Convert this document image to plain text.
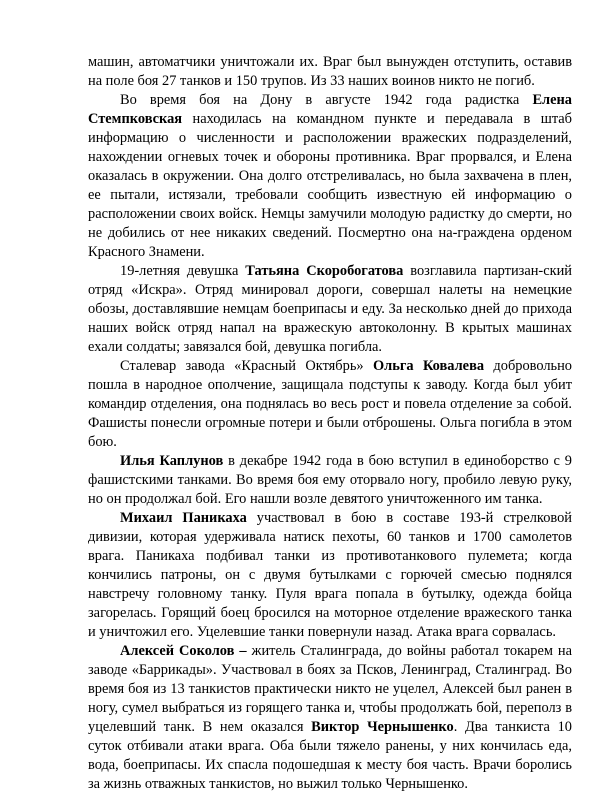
машин, автоматчики уничтожали их. Враг был вынужден отступить, оставив на поле боя 27 танков и 150 трупов. Из 33 наших воинов никто не погиб.

Во время боя на Дону в августе 1942 года радистка Елена Стемпковская находилась на командном пункте и передавала в штаб информацию о численности и расположении вражеских подразделений, нахождении огневых точек и обороны противника. Враг прорвался, и Елена оказалась в окружении. Она долго отстреливалась, но была захвачена в плен, ее пытали, истязали, требовали сообщить известную ей информацию о расположении своих войск. Немцы замучили молодую радистку до смерти, но не добились от нее никаких сведений. Посмертно она на-граждена орденом Красного Знамени.

19-летняя девушка Татьяна Скоробогатова возглавила партизан-ский отряд «Искра». Отряд минировал дороги, совершал налеты на немецкие обозы, доставлявшие немцам боеприпасы и еду. За несколько дней до прихода наших войск отряд напал на вражескую автоколонну. В крытых машинах ехали солдаты; завязался бой, девушка погибла.

Сталевар завода «Красный Октябрь» Ольга Ковалева добровольно пошла в народное ополчение, защищала подступы к заводу. Когда был убит командир отделения, она поднялась во весь рост и повела отделение за собой. Фашисты понесли огромные потери и были отброшены. Ольга погибла в этом бою.

Илья Каплунов в декабре 1942 года в бою вступил в единоборство с 9 фашистскими танками. Во время боя ему оторвало ногу, пробило левую руку, но он продолжал бой. Его нашли возле девятого уничтоженного им танка.

Михаил Паникаха участвовал в бою в составе 193-й стрелковой дивизии, которая удерживала натиск пехоты, 60 танков и 1700 самолетов врага. Паникаха подбивал танки из противотанкового пулемета; когда кончились патроны, он с двумя бутылками с горючей смесью поднялся навстречу головному танку. Пуля врага попала в бутылку, одежда бойца загорелась. Горящий боец бросился на моторное отделение вражеского танка и уничтожил его. Уцелевшие танки повернули назад. Атака врага сорвалась.

Алексей Соколов – житель Сталинграда, до войны работал токарем на заводе «Баррикады». Участвовал в боях за Псков, Ленинград, Сталинград. Во время боя из 13 танкистов практически никто не уцелел, Алексей был ранен в ногу, сумел выбраться из горящего танка и, чтобы продолжать бой, переполз в уцелевший танк. В нем оказался Виктор Чернышенко. Два танкиста 10 суток отбивали атаки врага. Оба были тяжело ранены, у них кончилась еда, вода, боеприпасы. Их спасла подошедшая к месту боя часть. Врачи боролись за жизнь отважных танкистов, но выжил только Чернышенко.
